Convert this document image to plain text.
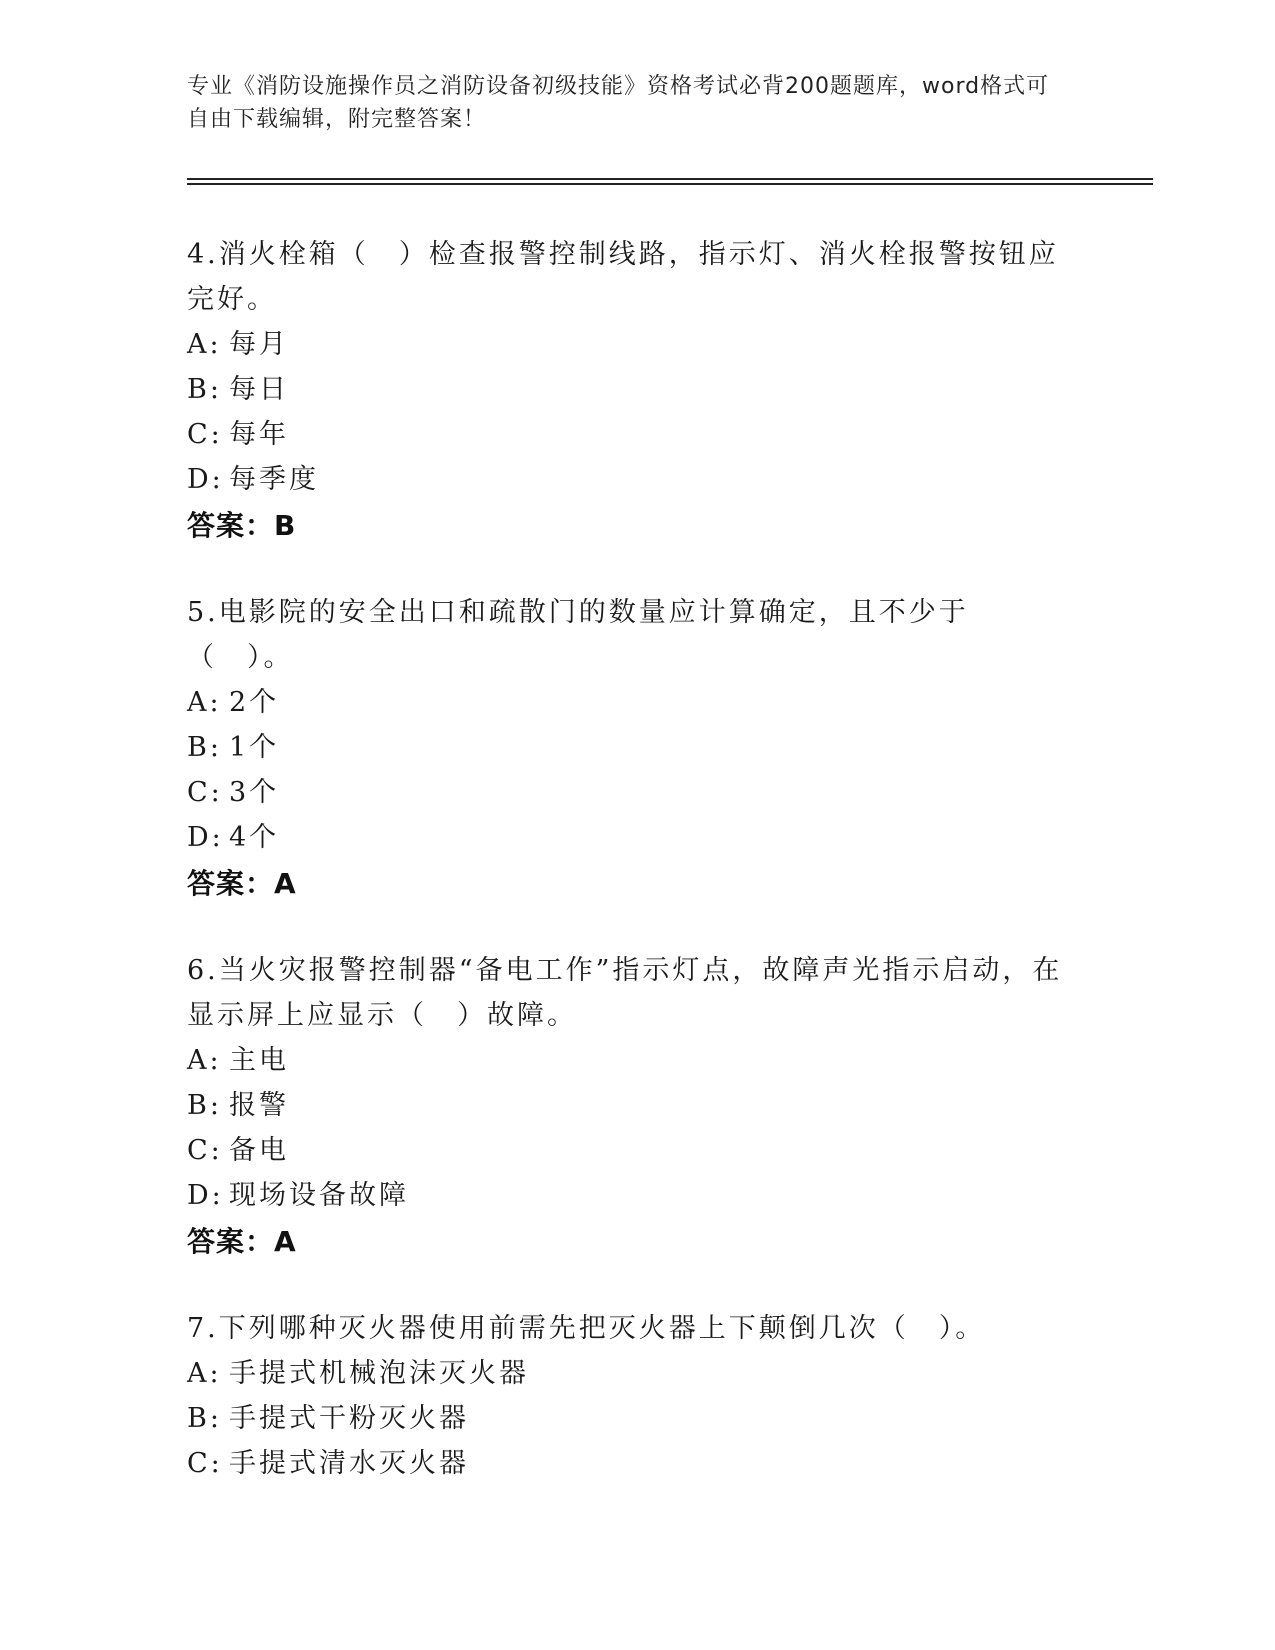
专业《消防设施操作员之消防设备初级技能》资格考试必背200题题库，word格式可自由下载编辑，附完整答案！

4.消火栓箱（　）检查报警控制线路，指示灯、消火栓报警按钮应完好。

A: 每月
B: 每日
C: 每年
D: 每季度
答案：B

5.电影院的安全出口和疏散门的数量应计算确定，且不少于（　）。

A: 2个
B: 1个
C: 3个
D: 4个
答案：A

6.当火灾报警控制器“备电工作”指示灯点，故障声光指示启动，在显示屏上应显示（　）故障。

A: 主电
B: 报警
C: 备电
D: 现场设备故障
答案：A

7.下列哪种灭火器使用前需先把灭火器上下颠倒几次（　）。

A: 手提式机械泡沫灭火器
B: 手提式干粉灭火器
C: 手提式清水灭火器
